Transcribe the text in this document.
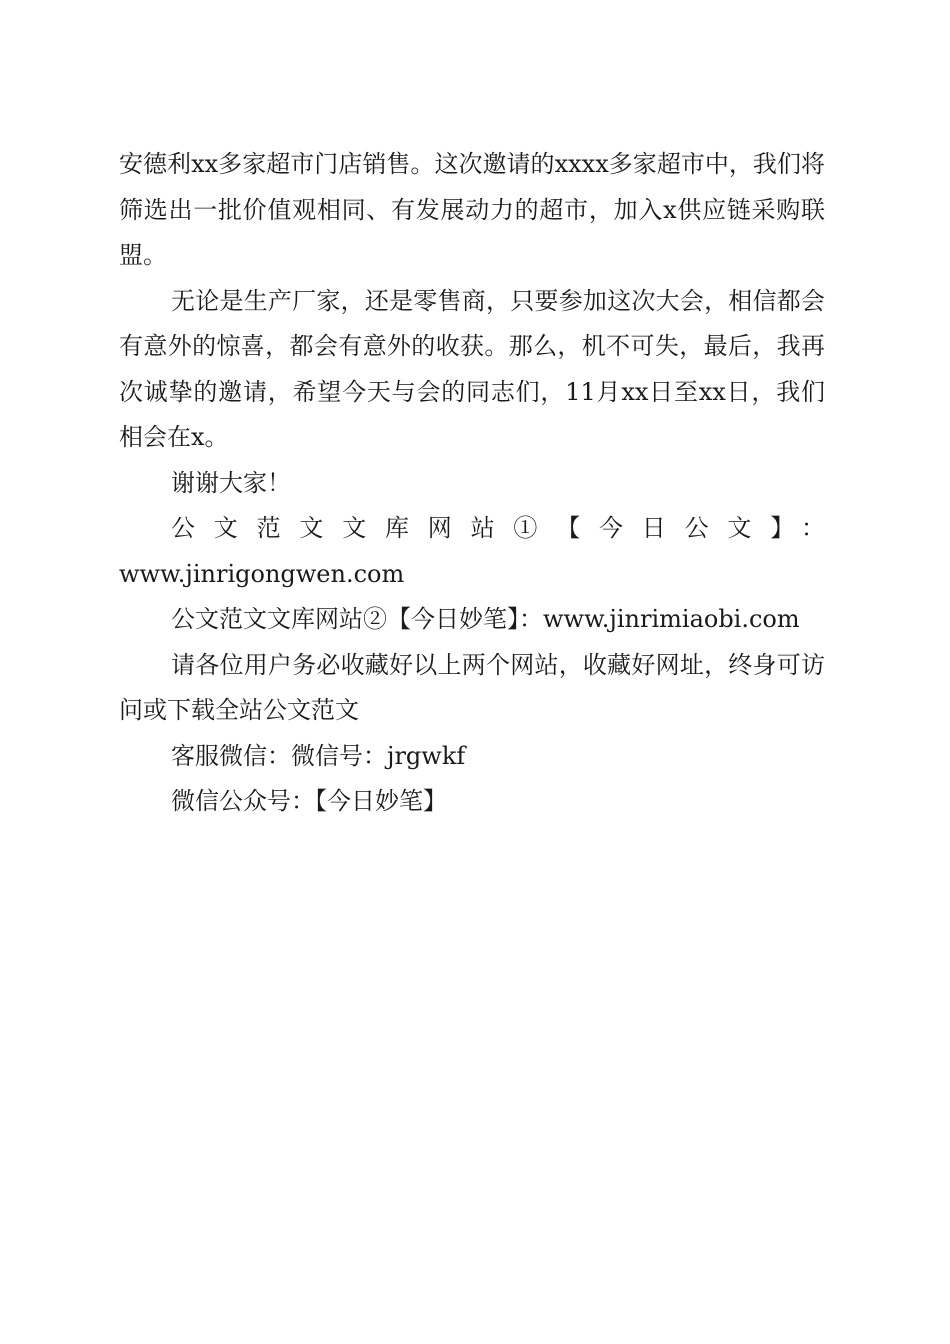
安德利xx多家超市门店销售。这次邀请的xxxx多家超市中，我们将筛选出一批价值观相同、有发展动力的超市，加入x供应链采购联盟。

无论是生产厂家，还是零售商，只要参加这次大会，相信都会有意外的惊喜，都会有意外的收获。那么，机不可失，最后，我再次诚挚的邀请，希望今天与会的同志们，11月xx日至xx日，我们相会在x。

谢谢大家！

公文范文文库网站①【今日公文】：

www.jinrigongwen.com

公文范文文库网站②【今日妙笔】：www.jinrimiaobi.com

请各位用户务必收藏好以上两个网站，收藏好网址，终身可访问或下载全站公文范文

客服微信：微信号：jrgwkf

微信公众号：【今日妙笔】
